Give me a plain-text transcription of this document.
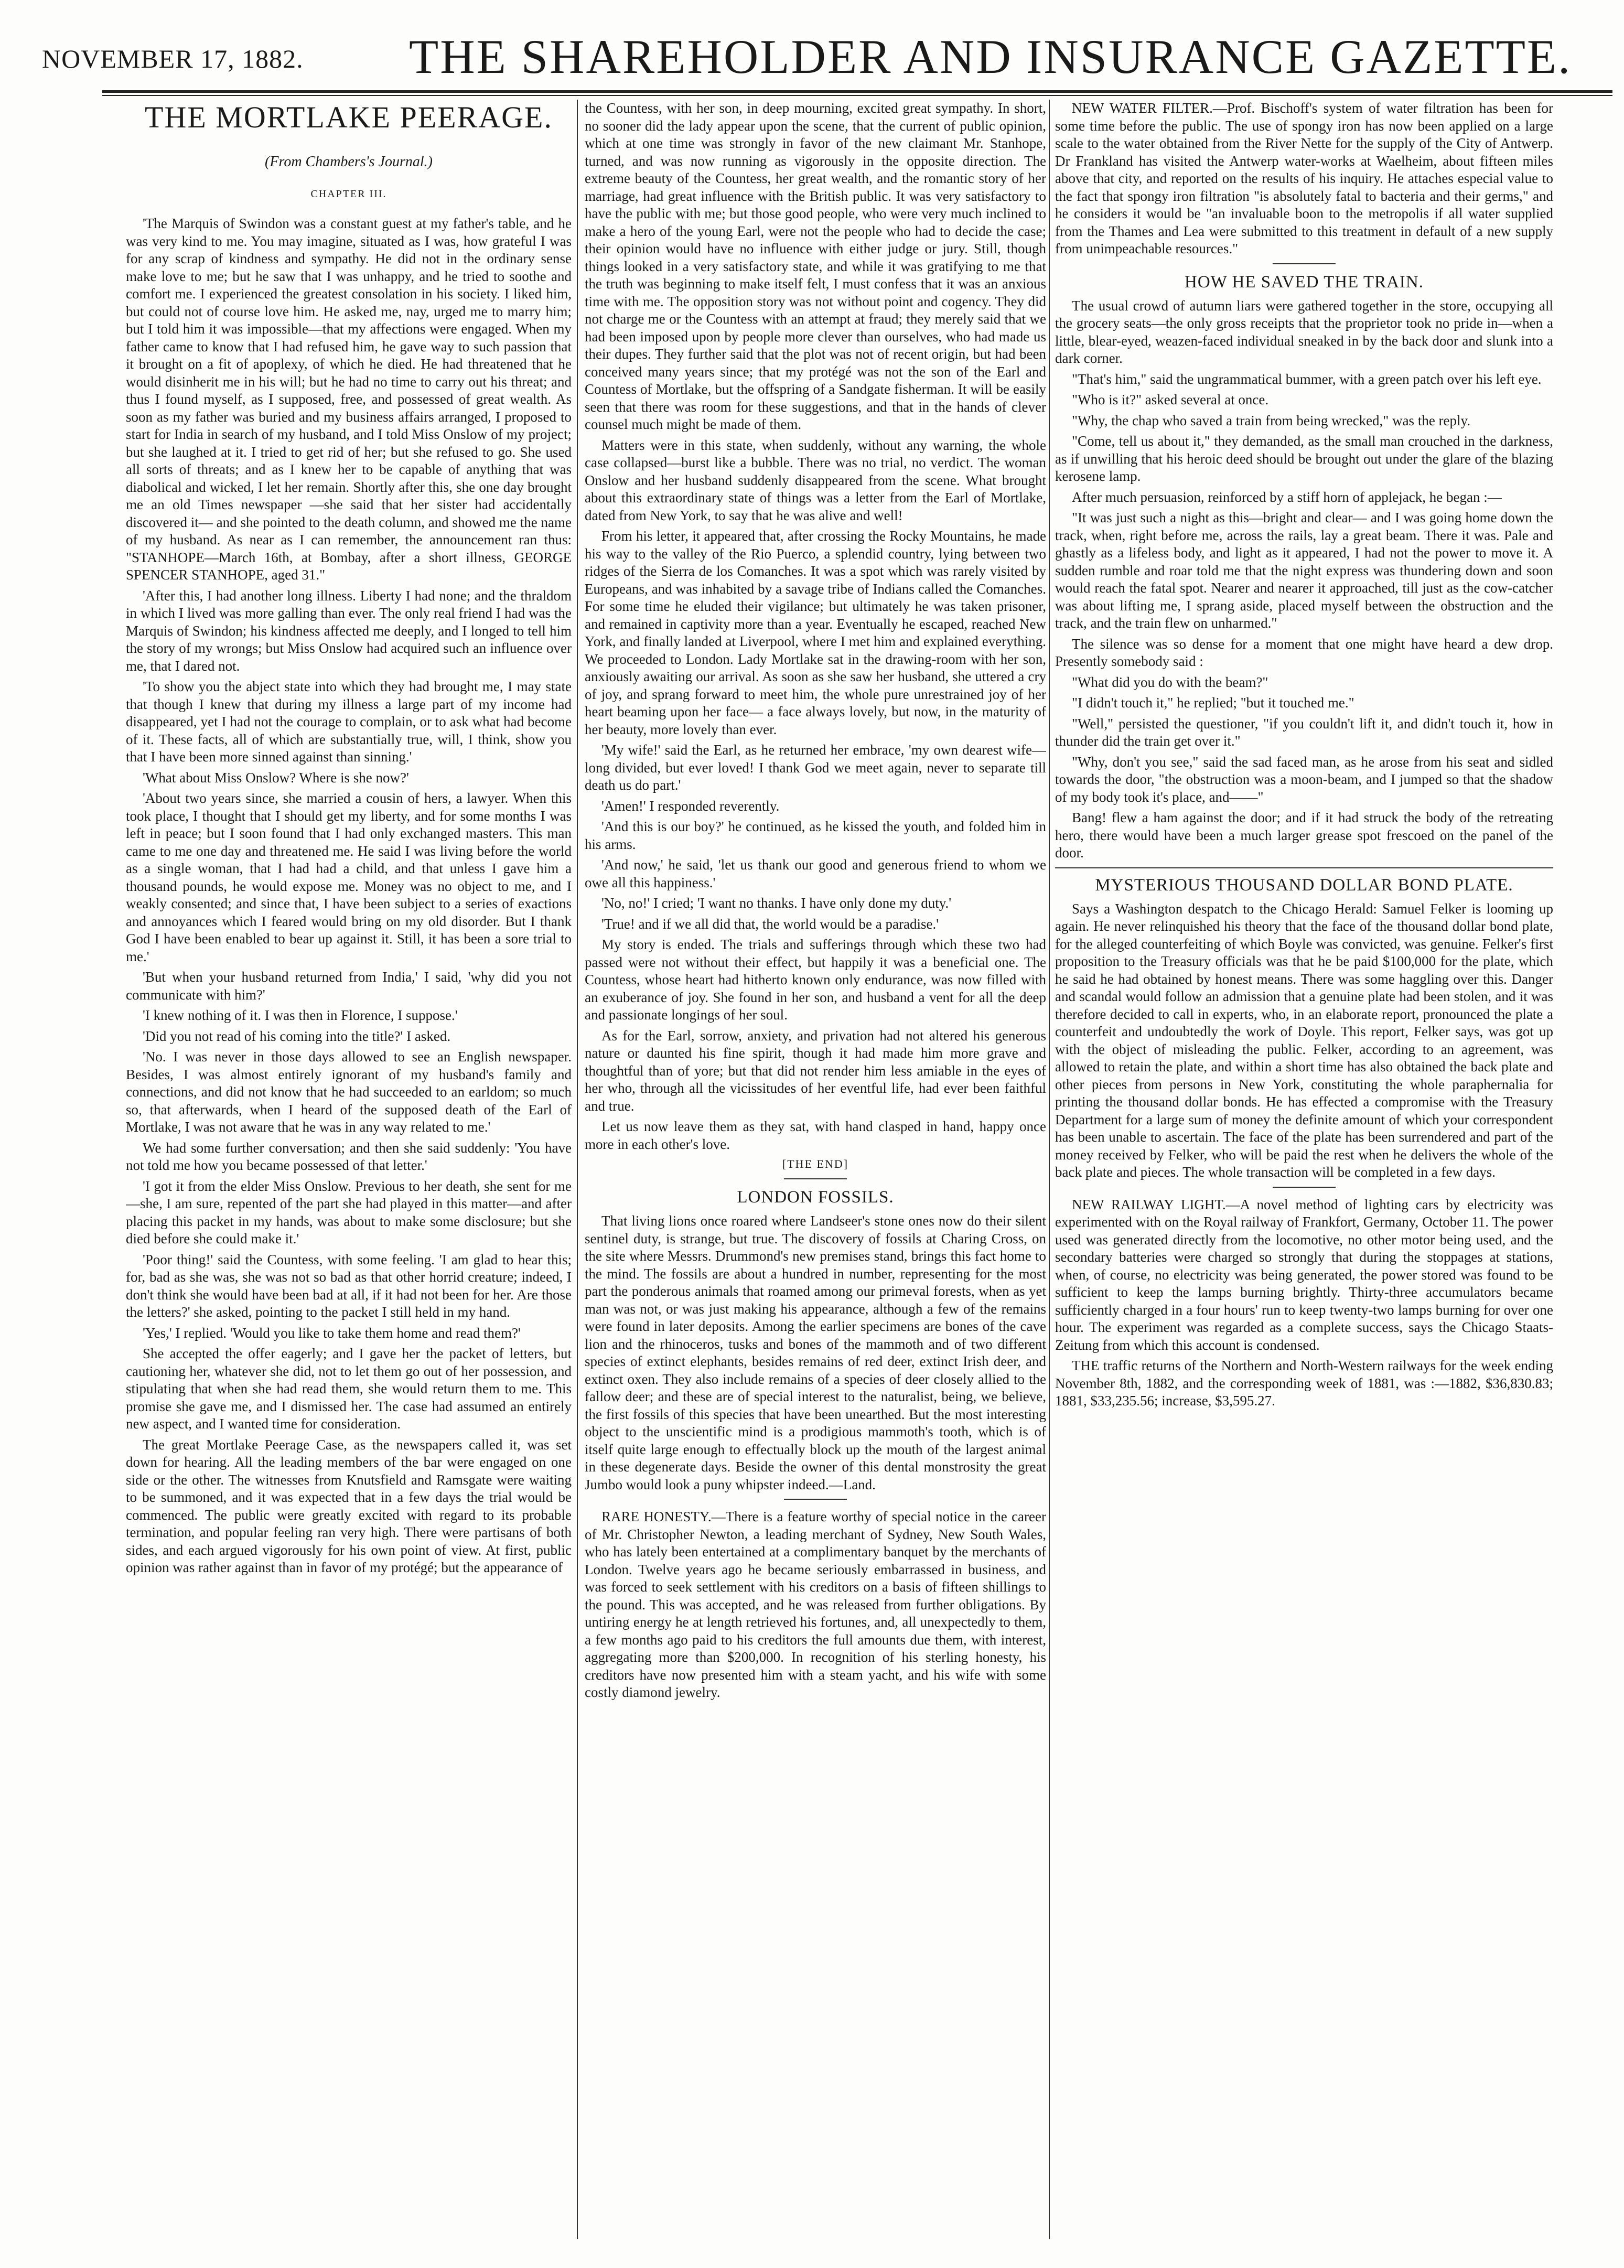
NOVEMBER 17, 1882. THE SHAREHOLDER AND INSURANCE GAZETTE.
THE MORTLAKE PEERAGE.
(From Chambers's Journal.)
CHAPTER III.

'The Marquis of Swindon was a constant guest at my father's table, and he was very kind to me. You may imagine, situated as I was, how grateful I was for any scrap of kindness and sympathy. He did not in the ordinary sense make love to me; but he saw that I was unhappy, and he tried to soothe and comfort me. I experienced the greatest consolation in his society. I liked him, but could not of course love him. He asked me, nay, urged me to marry him; but I told him it was impossible—that my affections were engaged. When my father came to know that I had refused him, he gave way to such passion that it brought on a fit of apoplexy, of which he died. He had threatened that he would disinherit me in his will; but he had no time to carry out his threat; and thus I found myself, as I supposed, free, and possessed of great wealth. As soon as my father was buried and my business affairs arranged, I proposed to start for India in search of my husband, and I told Miss Onslow of my project; but she laughed at it. I tried to get rid of her; but she refused to go. She used all sorts of threats; and as I knew her to be capable of anything that was diabolical and wicked, I let her remain. Shortly after this, she one day brought me an old Times newspaper —she said that her sister had accidentally discovered it— and she pointed to the death column, and showed me the name of my husband. As near as I can remember, the announcement ran thus: "STANHOPE—March 16th, at Bombay, after a short illness, GEORGE SPENCER STANHOPE, aged 31."

'After this, I had another long illness. Liberty I had none; and the thraldom in which I lived was more galling than ever. The only real friend I had was the Marquis of Swindon; his kindness affected me deeply, and I longed to tell him the story of my wrongs; but Miss Onslow had acquired such an influence over me, that I dared not.

'To show you the abject state into which they had brought me, I may state that though I knew that during my illness a large part of my income had disappeared, yet I had not the courage to complain, or to ask what had become of it. These facts, all of which are substantially true, will, I think, show you that I have been more sinned against than sinning.'

'What about Miss Onslow? Where is she now?'

'About two years since, she married a cousin of hers, a lawyer. When this took place, I thought that I should get my liberty, and for some months I was left in peace; but I soon found that I had only exchanged masters. This man came to me one day and threatened me. He said I was living before the world as a single woman, that I had had a child, and that unless I gave him a thousand pounds, he would expose me. Money was no object to me, and I weakly consented; and since that, I have been subject to a series of exactions and annoyances which I feared would bring on my old disorder. But I thank God I have been enabled to bear up against it. Still, it has been a sore trial to me.'

'But when your husband returned from India,' I said, 'why did you not communicate with him?'

'I knew nothing of it. I was then in Florence, I suppose.'

'Did you not read of his coming into the title?' I asked.

'No. I was never in those days allowed to see an English newspaper. Besides, I was almost entirely ignorant of my husband's family and connections, and did not know that he had succeeded to an earldom; so much so, that afterwards, when I heard of the supposed death of the Earl of Mortlake, I was not aware that he was in any way related to me.'

We had some further conversation; and then she said suddenly: 'You have not told me how you became possessed of that letter.'

'I got it from the elder Miss Onslow. Previous to her death, she sent for me—she, I am sure, repented of the part she had played in this matter—and after placing this packet in my hands, was about to make some disclosure; but she died before she could make it.'

'Poor thing!' said the Countess, with some feeling. 'I am glad to hear this; for, bad as she was, she was not so bad as that other horrid creature; indeed, I don't think she would have been bad at all, if it had not been for her. Are those the letters?' she asked, pointing to the packet I still held in my hand.

'Yes,' I replied. 'Would you like to take them home and read them?'

She accepted the offer eagerly; and I gave her the packet of letters, but cautioning her, whatever she did, not to let them go out of her possession, and stipulating that when she had read them, she would return them to me. This promise she gave me, and I dismissed her. The case had assumed an entirely new aspect, and I wanted time for consideration.

The great Mortlake Peerage Case, as the newspapers called it, was set down for hearing. All the leading members of the bar were engaged on one side or the other. The witnesses from Knutsfield and Ramsgate were waiting to be summoned, and it was expected that in a few days the trial would be commenced. The public were greatly excited with regard to its probable termination, and popular feeling ran very high. There were partisans of both sides, and each argued vigorously for his own point of view. At first, public opinion was rather against than in favor of my protégé; but the appearance of

the Countess, with her son, in deep mourning, excited great sympathy. In short, no sooner did the lady appear upon the scene, that the current of public opinion, which at one time was strongly in favor of the new claimant Mr. Stanhope, turned, and was now running as vigorously in the opposite direction. The extreme beauty of the Countess, her great wealth, and the romantic story of her marriage, had great influence with the British public. It was very satisfactory to have the public with me; but those good people, who were very much inclined to make a hero of the young Earl, were not the people who had to decide the case; their opinion would have no influence with either judge or jury. Still, though things looked in a very satisfactory state, and while it was gratifying to me that the truth was beginning to make itself felt, I must confess that it was an anxious time with me. The opposition story was not without point and cogency. They did not charge me or the Countess with an attempt at fraud; they merely said that we had been imposed upon by people more clever than ourselves, who had made us their dupes. They further said that the plot was not of recent origin, but had been conceived many years since; that my protégé was not the son of the Earl and Countess of Mortlake, but the offspring of a Sandgate fisherman. It will be easily seen that there was room for these suggestions, and that in the hands of clever counsel much might be made of them.

Matters were in this state, when suddenly, without any warning, the whole case collapsed—burst like a bubble. There was no trial, no verdict. The woman Onslow and her husband suddenly disappeared from the scene. What brought about this extraordinary state of things was a letter from the Earl of Mortlake, dated from New York, to say that he was alive and well!

From his letter, it appeared that, after crossing the Rocky Mountains, he made his way to the valley of the Rio Puerco, a splendid country, lying between two ridges of the Sierra de los Comanches. It was a spot which was rarely visited by Europeans, and was inhabited by a savage tribe of Indians called the Comanches. For some time he eluded their vigilance; but ultimately he was taken prisoner, and remained in captivity more than a year. Eventually he escaped, reached New York, and finally landed at Liverpool, where I met him and explained everything. We proceeded to London. Lady Mortlake sat in the drawing-room with her son, anxiously awaiting our arrival. As soon as she saw her husband, she uttered a cry of joy, and sprang forward to meet him, the whole pure unrestrained joy of her heart beaming upon her face— a face always lovely, but now, in the maturity of her beauty, more lovely than ever.

'My wife!' said the Earl, as he returned her embrace, 'my own dearest wife—long divided, but ever loved! I thank God we meet again, never to separate till death us do part.'

'Amen!' I responded reverently.

'And this is our boy?' he continued, as he kissed the youth, and folded him in his arms.

'And now,' he said, 'let us thank our good and generous friend to whom we owe all this happiness.'

'No, no!' I cried; 'I want no thanks. I have only done my duty.'

'True! and if we all did that, the world would be a paradise.'

My story is ended. The trials and sufferings through which these two had passed were not without their effect, but happily it was a beneficial one. The Countess, whose heart had hitherto known only endurance, was now filled with an exuberance of joy. She found in her son, and husband a vent for all the deep and passionate longings of her soul.

As for the Earl, sorrow, anxiety, and privation had not altered his generous nature or daunted his fine spirit, though it had made him more grave and thoughtful than of yore; but that did not render him less amiable in the eyes of her who, through all the vicissitudes of her eventful life, had ever been faithful and true.

Let us now leave them as they sat, with hand clasped in hand, happy once more in each other's love.

[THE END]
LONDON FOSSILS.

That living lions once roared where Landseer's stone ones now do their silent sentinel duty, is strange, but true. The discovery of fossils at Charing Cross, on the site where Messrs. Drummond's new premises stand, brings this fact home to the mind. The fossils are about a hundred in number, representing for the most part the ponderous animals that roamed among our primeval forests, when as yet man was not, or was just making his appearance, although a few of the remains were found in later deposits. Among the earlier specimens are bones of the cave lion and the rhinoceros, tusks and bones of the mammoth and of two different species of extinct elephants, besides remains of red deer, extinct Irish deer, and extinct oxen. They also include remains of a species of deer closely allied to the fallow deer; and these are of special interest to the naturalist, being, we believe, the first fossils of this species that have been unearthed. But the most interesting object to the unscientific mind is a prodigious mammoth's tooth, which is of itself quite large enough to effectually block up the mouth of the largest animal in these degenerate days. Beside the owner of this dental monstrosity the great Jumbo would look a puny whipster indeed.—Land.

RARE HONESTY.—There is a feature worthy of special notice in the career of Mr. Christopher Newton, a leading merchant of Sydney, New South Wales, who has lately been entertained at a complimentary banquet by the merchants of London. Twelve years ago he became seriously embarrassed in business, and was forced to seek settlement with his creditors on a basis of fifteen shillings to the pound. This was accepted, and he was released from further obligations. By untiring energy he at length retrieved his fortunes, and, all unexpectedly to them, a few months ago paid to his creditors the full amounts due them, with interest, aggregating more than $200,000. In recognition of his sterling honesty, his creditors have now presented him with a steam yacht, and his wife with some costly diamond jewelry.

NEW WATER FILTER.—Prof. Bischoff's system of water filtration has been for some time before the public. The use of spongy iron has now been applied on a large scale to the water obtained from the River Nette for the supply of the City of Antwerp. Dr Frankland has visited the Antwerp water-works at Waelheim, about fifteen miles above that city, and reported on the results of his inquiry. He attaches especial value to the fact that spongy iron filtration "is absolutely fatal to bacteria and their germs," and he considers it would be "an invaluable boon to the metropolis if all water supplied from the Thames and Lea were submitted to this treatment in default of a new supply from unimpeachable resources."

HOW HE SAVED THE TRAIN.

The usual crowd of autumn liars were gathered together in the store, occupying all the grocery seats—the only gross receipts that the proprietor took no pride in—when a little, blear-eyed, weazen-faced individual sneaked in by the back door and slunk into a dark corner.

"That's him," said the ungrammatical bummer, with a green patch over his left eye.

"Who is it?" asked several at once.

"Why, the chap who saved a train from being wrecked," was the reply.

"Come, tell us about it," they demanded, as the small man crouched in the darkness, as if unwilling that his heroic deed should be brought out under the glare of the blazing kerosene lamp.

After much persuasion, reinforced by a stiff horn of applejack, he began :—

"It was just such a night as this—bright and clear— and I was going home down the track, when, right before me, across the rails, lay a great beam. There it was. Pale and ghastly as a lifeless body, and light as it appeared, I had not the power to move it. A sudden rumble and roar told me that the night express was thundering down and soon would reach the fatal spot. Nearer and nearer it approached, till just as the cow-catcher was about lifting me, I sprang aside, placed myself between the obstruction and the track, and the train flew on unharmed."

The silence was so dense for a moment that one might have heard a dew drop. Presently somebody said :

"What did you do with the beam?"

"I didn't touch it," he replied; "but it touched me."

"Well," persisted the questioner, "if you couldn't lift it, and didn't touch it, how in thunder did the train get over it."

"Why, don't you see," said the sad faced man, as he arose from his seat and sidled towards the door, "the obstruction was a moon-beam, and I jumped so that the shadow of my body took it's place, and——"

Bang! flew a ham against the door; and if it had struck the body of the retreating hero, there would have been a much larger grease spot frescoed on the panel of the door.

MYSTERIOUS THOUSAND DOLLAR BOND PLATE.

Says a Washington despatch to the Chicago Herald: Samuel Felker is looming up again. He never relinquished his theory that the face of the thousand dollar bond plate, for the alleged counterfeiting of which Boyle was convicted, was genuine. Felker's first proposition to the Treasury officials was that he be paid $100,000 for the plate, which he said he had obtained by honest means. There was some haggling over this. Danger and scandal would follow an admission that a genuine plate had been stolen, and it was therefore decided to call in experts, who, in an elaborate report, pronounced the plate a counterfeit and undoubtedly the work of Doyle. This report, Felker says, was got up with the object of misleading the public. Felker, according to an agreement, was allowed to retain the plate, and within a short time has also obtained the back plate and other pieces from persons in New York, constituting the whole paraphernalia for printing the thousand dollar bonds. He has effected a compromise with the Treasury Department for a large sum of money the definite amount of which your correspondent has been unable to ascertain. The face of the plate has been surrendered and part of the money received by Felker, who will be paid the rest when he delivers the whole of the back plate and pieces. The whole transaction will be completed in a few days.

NEW RAILWAY LIGHT.—A novel method of lighting cars by electricity was experimented with on the Royal railway of Frankfort, Germany, October 11. The power used was generated directly from the locomotive, no other motor being used, and the secondary batteries were charged so strongly that during the stoppages at stations, when, of course, no electricity was being generated, the power stored was found to be sufficient to keep the lamps burning brightly. Thirty-three accumulators became sufficiently charged in a four hours' run to keep twenty-two lamps burning for over one hour. The experiment was regarded as a complete success, says the Chicago Staats-Zeitung from which this account is condensed.

THE traffic returns of the Northern and North-Western railways for the week ending November 8th, 1882, and the corresponding week of 1881, was :—1882, $36,830.83; 1881, $33,235.56; increase, $3,595.27.
